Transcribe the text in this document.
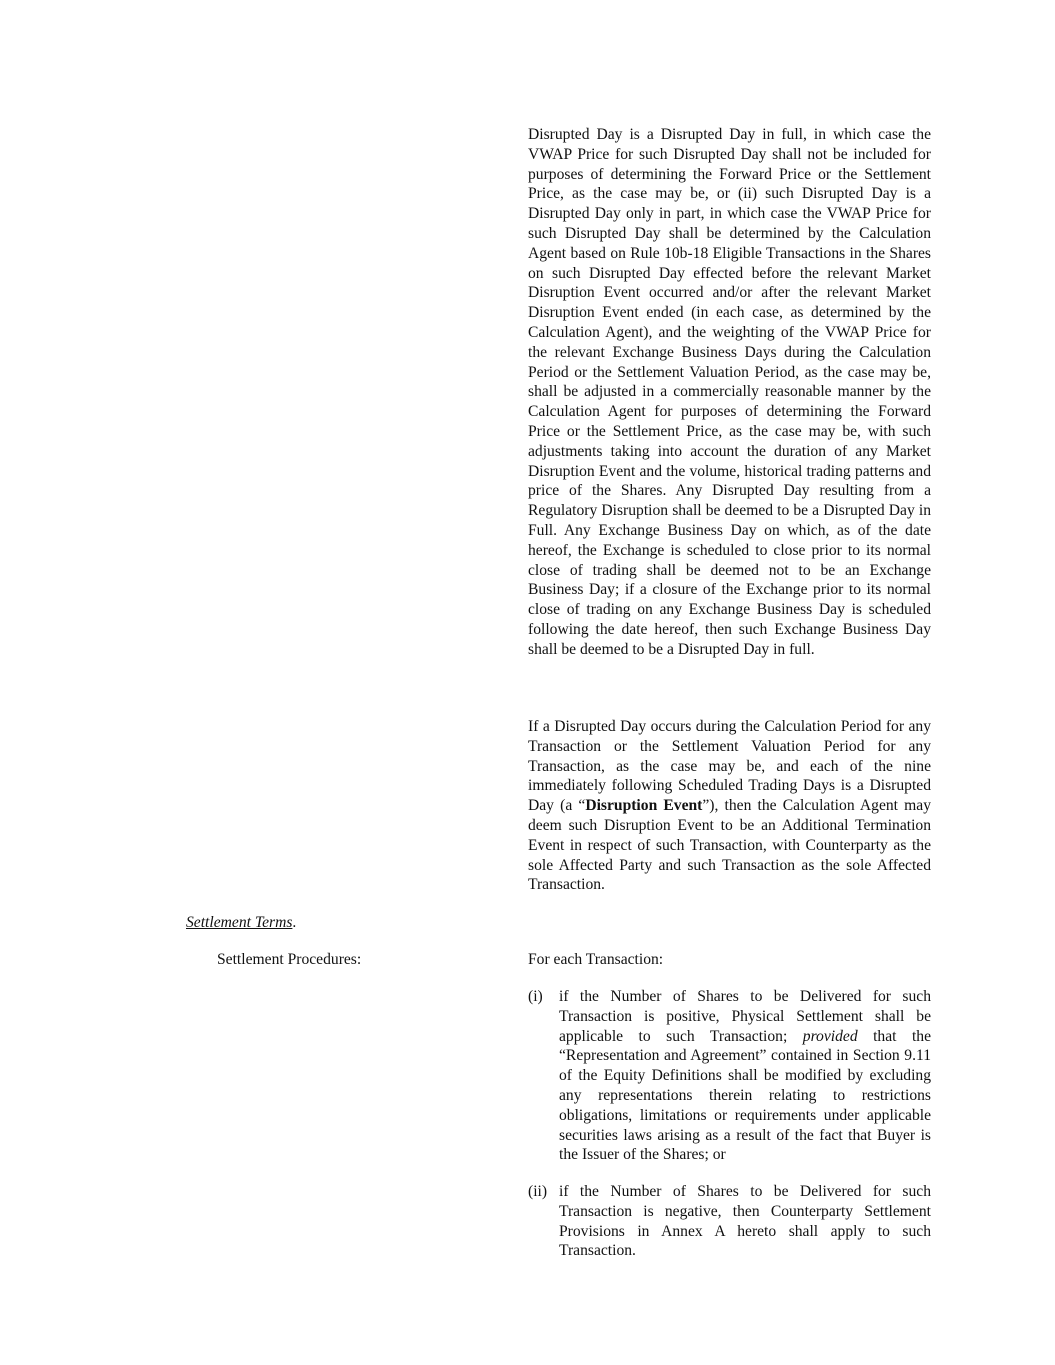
Disrupted Day is a Disrupted Day in full, in which case the VWAP Price for such Disrupted Day shall not be included for purposes of determining the Forward Price or the Settlement Price, as the case may be, or (ii) such Disrupted Day is a Disrupted Day only in part, in which case the VWAP Price for such Disrupted Day shall be determined by the Calculation Agent based on Rule 10b-18 Eligible Transactions in the Shares on such Disrupted Day effected before the relevant Market Disruption Event occurred and/or after the relevant Market Disruption Event ended (in each case, as determined by the Calculation Agent), and the weighting of the VWAP Price for the relevant Exchange Business Days during the Calculation Period or the Settlement Valuation Period, as the case may be, shall be adjusted in a commercially reasonable manner by the Calculation Agent for purposes of determining the Forward Price or the Settlement Price, as the case may be, with such adjustments taking into account the duration of any Market Disruption Event and the volume, historical trading patterns and price of the Shares. Any Disrupted Day resulting from a Regulatory Disruption shall be deemed to be a Disrupted Day in Full. Any Exchange Business Day on which, as of the date hereof, the Exchange is scheduled to close prior to its normal close of trading shall be deemed not to be an Exchange Business Day; if a closure of the Exchange prior to its normal close of trading on any Exchange Business Day is scheduled following the date hereof, then such Exchange Business Day shall be deemed to be a Disrupted Day in full.

If a Disrupted Day occurs during the Calculation Period for any Transaction or the Settlement Valuation Period for any Transaction, as the case may be, and each of the nine immediately following Scheduled Trading Days is a Disrupted Day (a “Disruption Event”), then the Calculation Agent may deem such Disruption Event to be an Additional Termination Event in respect of such Transaction, with Counterparty as the sole Affected Party and such Transaction as the sole Affected Transaction.

Settlement Terms.
Settlement Procedures:	For each Transaction:

(i) if the Number of Shares to be Delivered for such Transaction is positive, Physical Settlement shall be applicable to such Transaction; provided that the “Representation and Agreement” contained in Section 9.11 of the Equity Definitions shall be modified by excluding any representations therein relating to restrictions obligations, limitations or requirements under applicable securities laws arising as a result of the fact that Buyer is the Issuer of the Shares; or
(ii) if the Number of Shares to be Delivered for such Transaction is negative, then Counterparty Settlement Provisions in Annex A hereto shall apply to such Transaction.
